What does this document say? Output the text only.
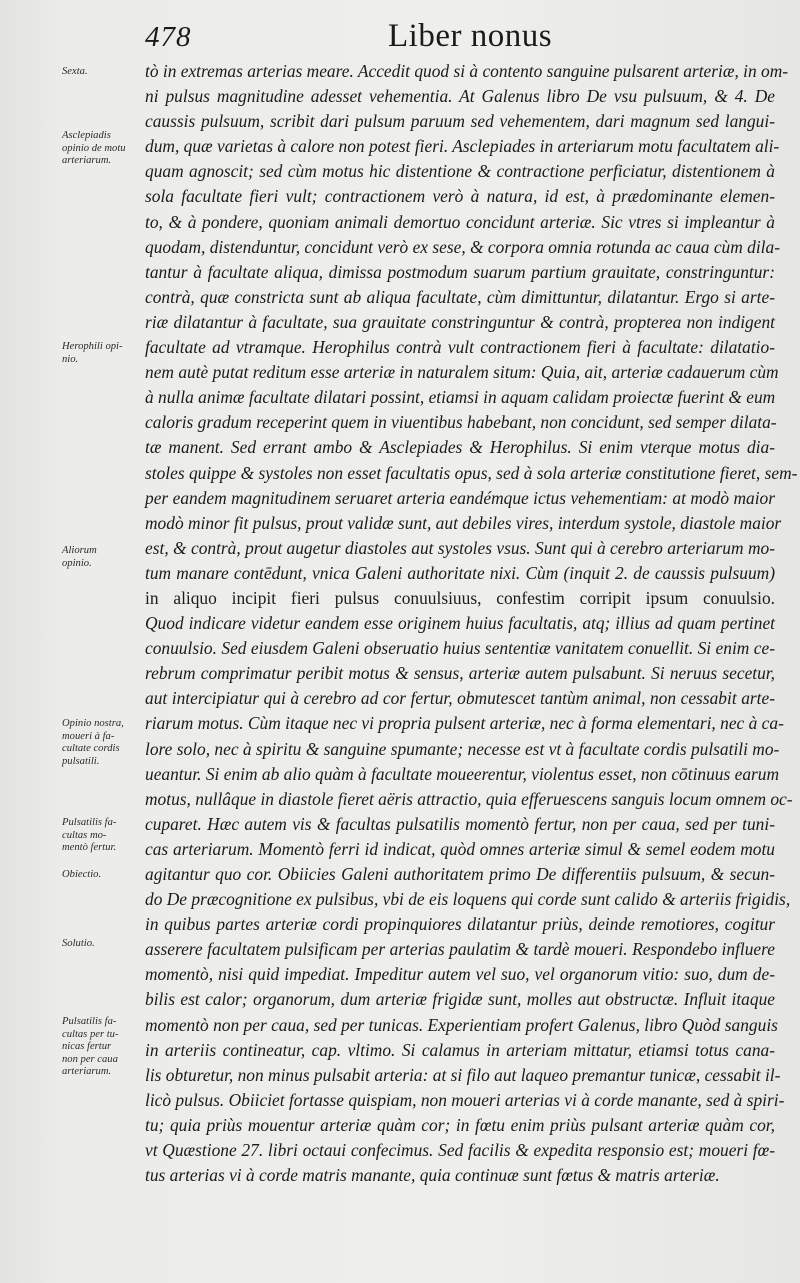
478	Liber nonus
Sexta.
Asclepiadis
opinio de motu
arteriarum.
Herophili opi-
nio.
Aliorum
opinio.
Opinio nostra,
moueri à fa-
cultate cordis
pulsatili.
Pulsatilis fa-
cultas mo-
mentò fertur.
Obiectio.
Solutio.
Pulsatilis fa-
cultas per tu-
nicas fertur
non per caua
arteriarum.
tò in extremas arterias meare. Accedit quod si à contento sanguine pulsarent arteriæ, in om-
ni pulsus magnitudine adesset vehementia. At Galenus libro De vsu pulsuum, & 4. De
caussis pulsuum, scribit dari pulsum paruum sed vehementem, dari magnum sed langui-
dum, quæ varietas à calore non potest fieri. Asclepiades in arteriarum motu facultatem ali-
quam agnoscit; sed cùm motus hic distentione & contractione perficiatur, distentionem à
sola facultate fieri vult; contractionem verò à natura, id est, à prædominante elemen-
to, & à pondere, quoniam animali demortuo concidunt arteriæ. Sic vtres si impleantur à
quodam, distenduntur, concidunt verò ex sese, & corpora omnia rotunda ac caua cùm dila-
tantur à facultate aliqua, dimissa postmodum suarum partium grauitate, constringuntur:
contrà, quæ constricta sunt ab aliqua facultate, cùm dimittuntur, dilatantur. Ergo si arte-
riæ dilatantur à facultate, sua grauitate constringuntur & contrà, propterea non indigent
facultate ad vtramque. Herophilus contrà vult contractionem fieri à facultate: dilatatio-
nem autè putat reditum esse arteriæ in naturalem situm: Quia, ait, arteriæ cadauerum cùm
à nulla animæ facultate dilatari possint, etiamsi in aquam calidam proiectæ fuerint & eum
caloris gradum receperint quem in viuentibus habebant, non concidunt, sed semper dilata-
tæ manent. Sed errant ambo & Asclepiades & Herophilus. Si enim vterque motus dia-
stoles quippe & systoles non esset facultatis opus, sed à sola arteriæ constitutione fieret, sem-
per eandem magnitudinem seruaret arteria eandémque ictus vehementiam: at modò maior
modò minor fit pulsus, prout validæ sunt, aut debiles vires, interdum systole, diastole maior
est, & contrà, prout augetur diastoles aut systoles vsus. Sunt qui à cerebro arteriarum mo-
tum manare contēdunt, vnica Galeni authoritate nixi. Cùm (inquit 2. de caussis pulsuum)
in aliquo incipit fieri pulsus conuulsiuus, confestim corripit ipsum conuulsio.
Quod indicare videtur eandem esse originem huius facultatis, atq; illius ad quam pertinet
conuulsio. Sed eiusdem Galeni obseruatio huius sententiæ vanitatem conuellit. Si enim ce-
rebrum comprimatur peribit motus & sensus, arteriæ autem pulsabunt. Si neruus secetur,
aut intercipiatur qui à cerebro ad cor fertur, obmutescet tantùm animal, non cessabit arte-
riarum motus. Cùm itaque nec vi propria pulsent arteriæ, nec à forma elementari, nec à ca-
lore solo, nec à spiritu & sanguine spumante; necesse est vt à facultate cordis pulsatili mo-
ueantur. Si enim ab alio quàm à facultate moueerentur, violentus esset, non cōtinuus earum
motus, nullâque in diastole fieret aëris attractio, quia efferuescens sanguis locum omnem oc-
cuparet. Hæc autem vis & facultas pulsatilis momentò fertur, non per caua, sed per tuni-
cas arteriarum. Momentò ferri id indicat, quòd omnes arteriæ simul & semel eodem motu
agitantur quo cor. Obiicies Galeni authoritatem primo De differentiis pulsuum, & secun-
do De præcognitione ex pulsibus, vbi de eis loquens qui corde sunt calido & arteriis frigidis,
in quibus partes arteriæ cordi propinquiores dilatantur priùs, deinde remotiores, cogitur
asserere facultatem pulsificam per arterias paulatim & tardè moueri. Respondebo influere
momentò, nisi quid impediat. Impeditur autem vel suo, vel organorum vitio: suo, dum de-
bilis est calor; organorum, dum arteriæ frigidæ sunt, molles aut obstructæ. Influit itaque
momentò non per caua, sed per tunicas. Experientiam profert Galenus, libro Quòd sanguis
in arteriis contineatur, cap. vltimo. Si calamus in arteriam mittatur, etiamsi totus cana-
lis obturetur, non minus pulsabit arteria: at si filo aut laqueo premantur tunicæ, cessabit il-
licò pulsus. Obiiciet fortasse quispiam, non moueri arterias vi à corde manante, sed à spiri-
tu; quia priùs mouentur arteriæ quàm cor; in fœtu enim priùs pulsant arteriæ quàm cor,
vt Quæstione 27. libri octaui confecimus. Sed facilis & expedita responsio est; moueri fœ-
tus arterias vi à corde matris manante, quia continuæ sunt fœtus & matris arteriæ.
